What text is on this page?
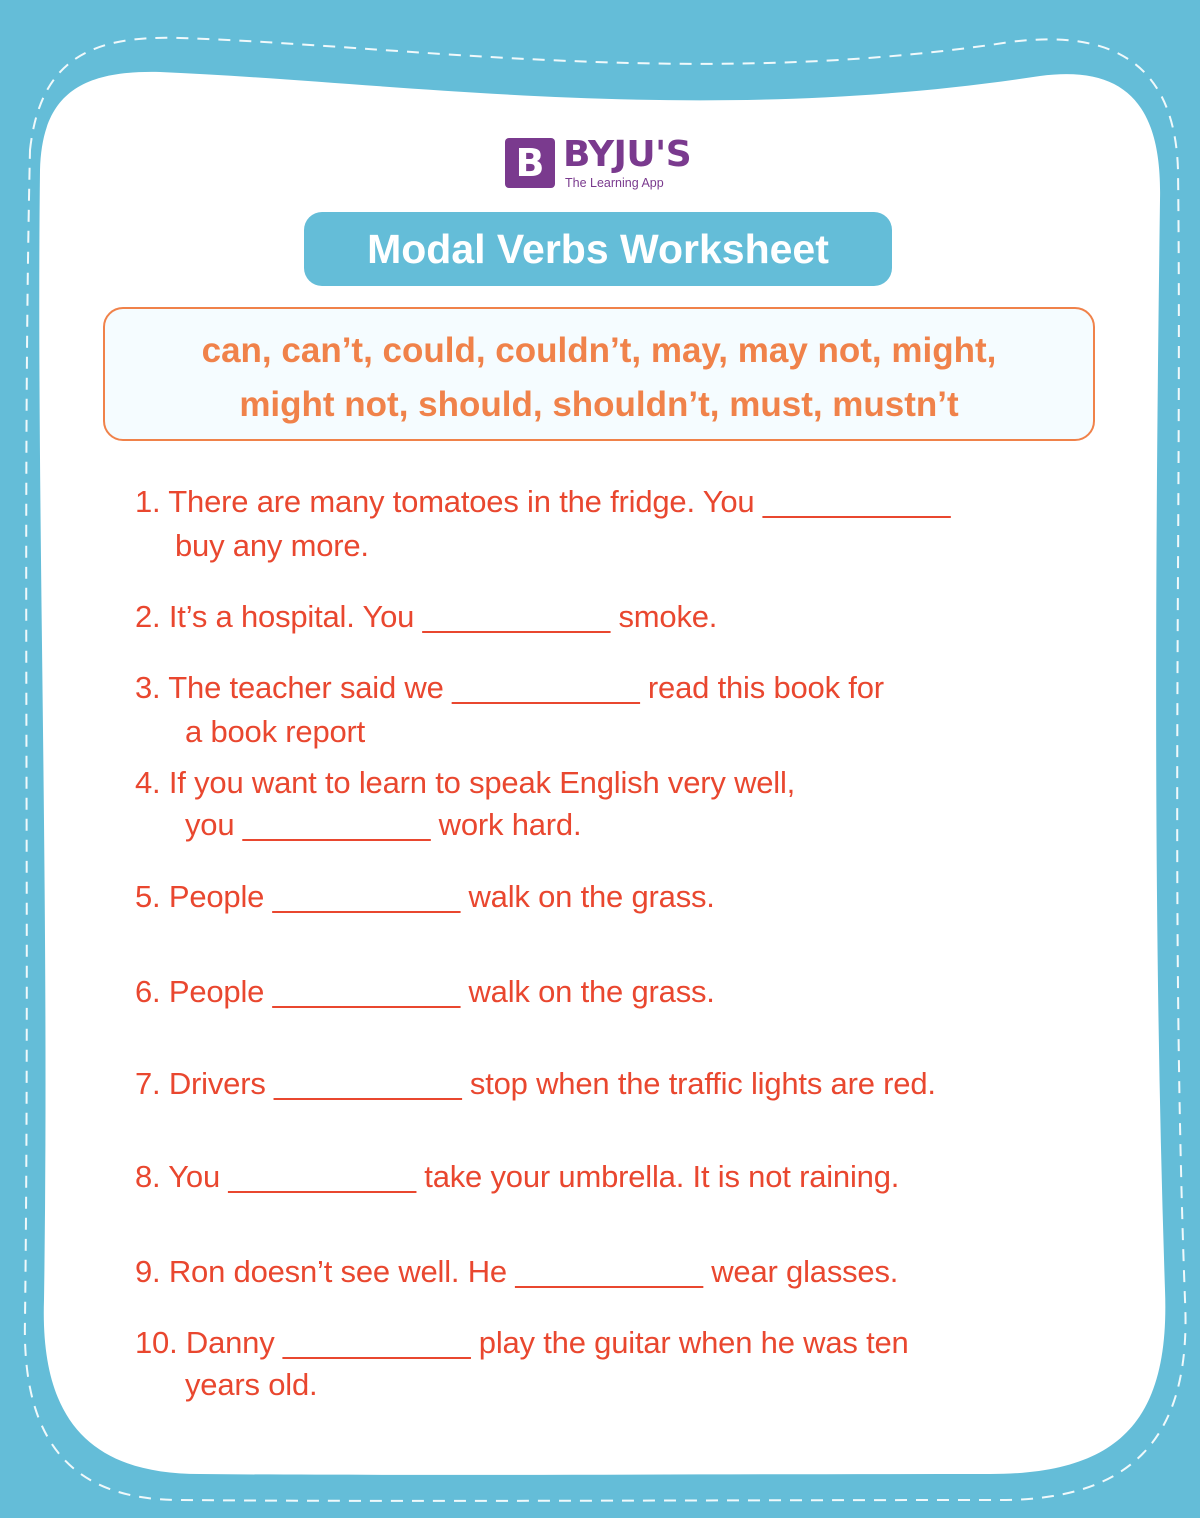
B BYJU'S
The Learning App
Modal Verbs Worksheet
can, can’t, could, couldn’t, may, may not, might,
might not, should, shouldn’t, must, mustn’t
1. There are many tomatoes in the fridge. You ___________
buy any more.
2. It’s a hospital. You ___________ smoke.
3. The teacher said we ___________ read this book for
a book report
4. If you want to learn to speak English very well,
you ___________ work hard.
5. People ___________ walk on the grass.
6. People ___________ walk on the grass.
7. Drivers ___________ stop when the traffic lights are red.
8. You ___________ take your umbrella. It is not raining.
9. Ron doesn’t see well. He ___________ wear glasses.
10. Danny ___________ play the guitar when he was ten
years old.
